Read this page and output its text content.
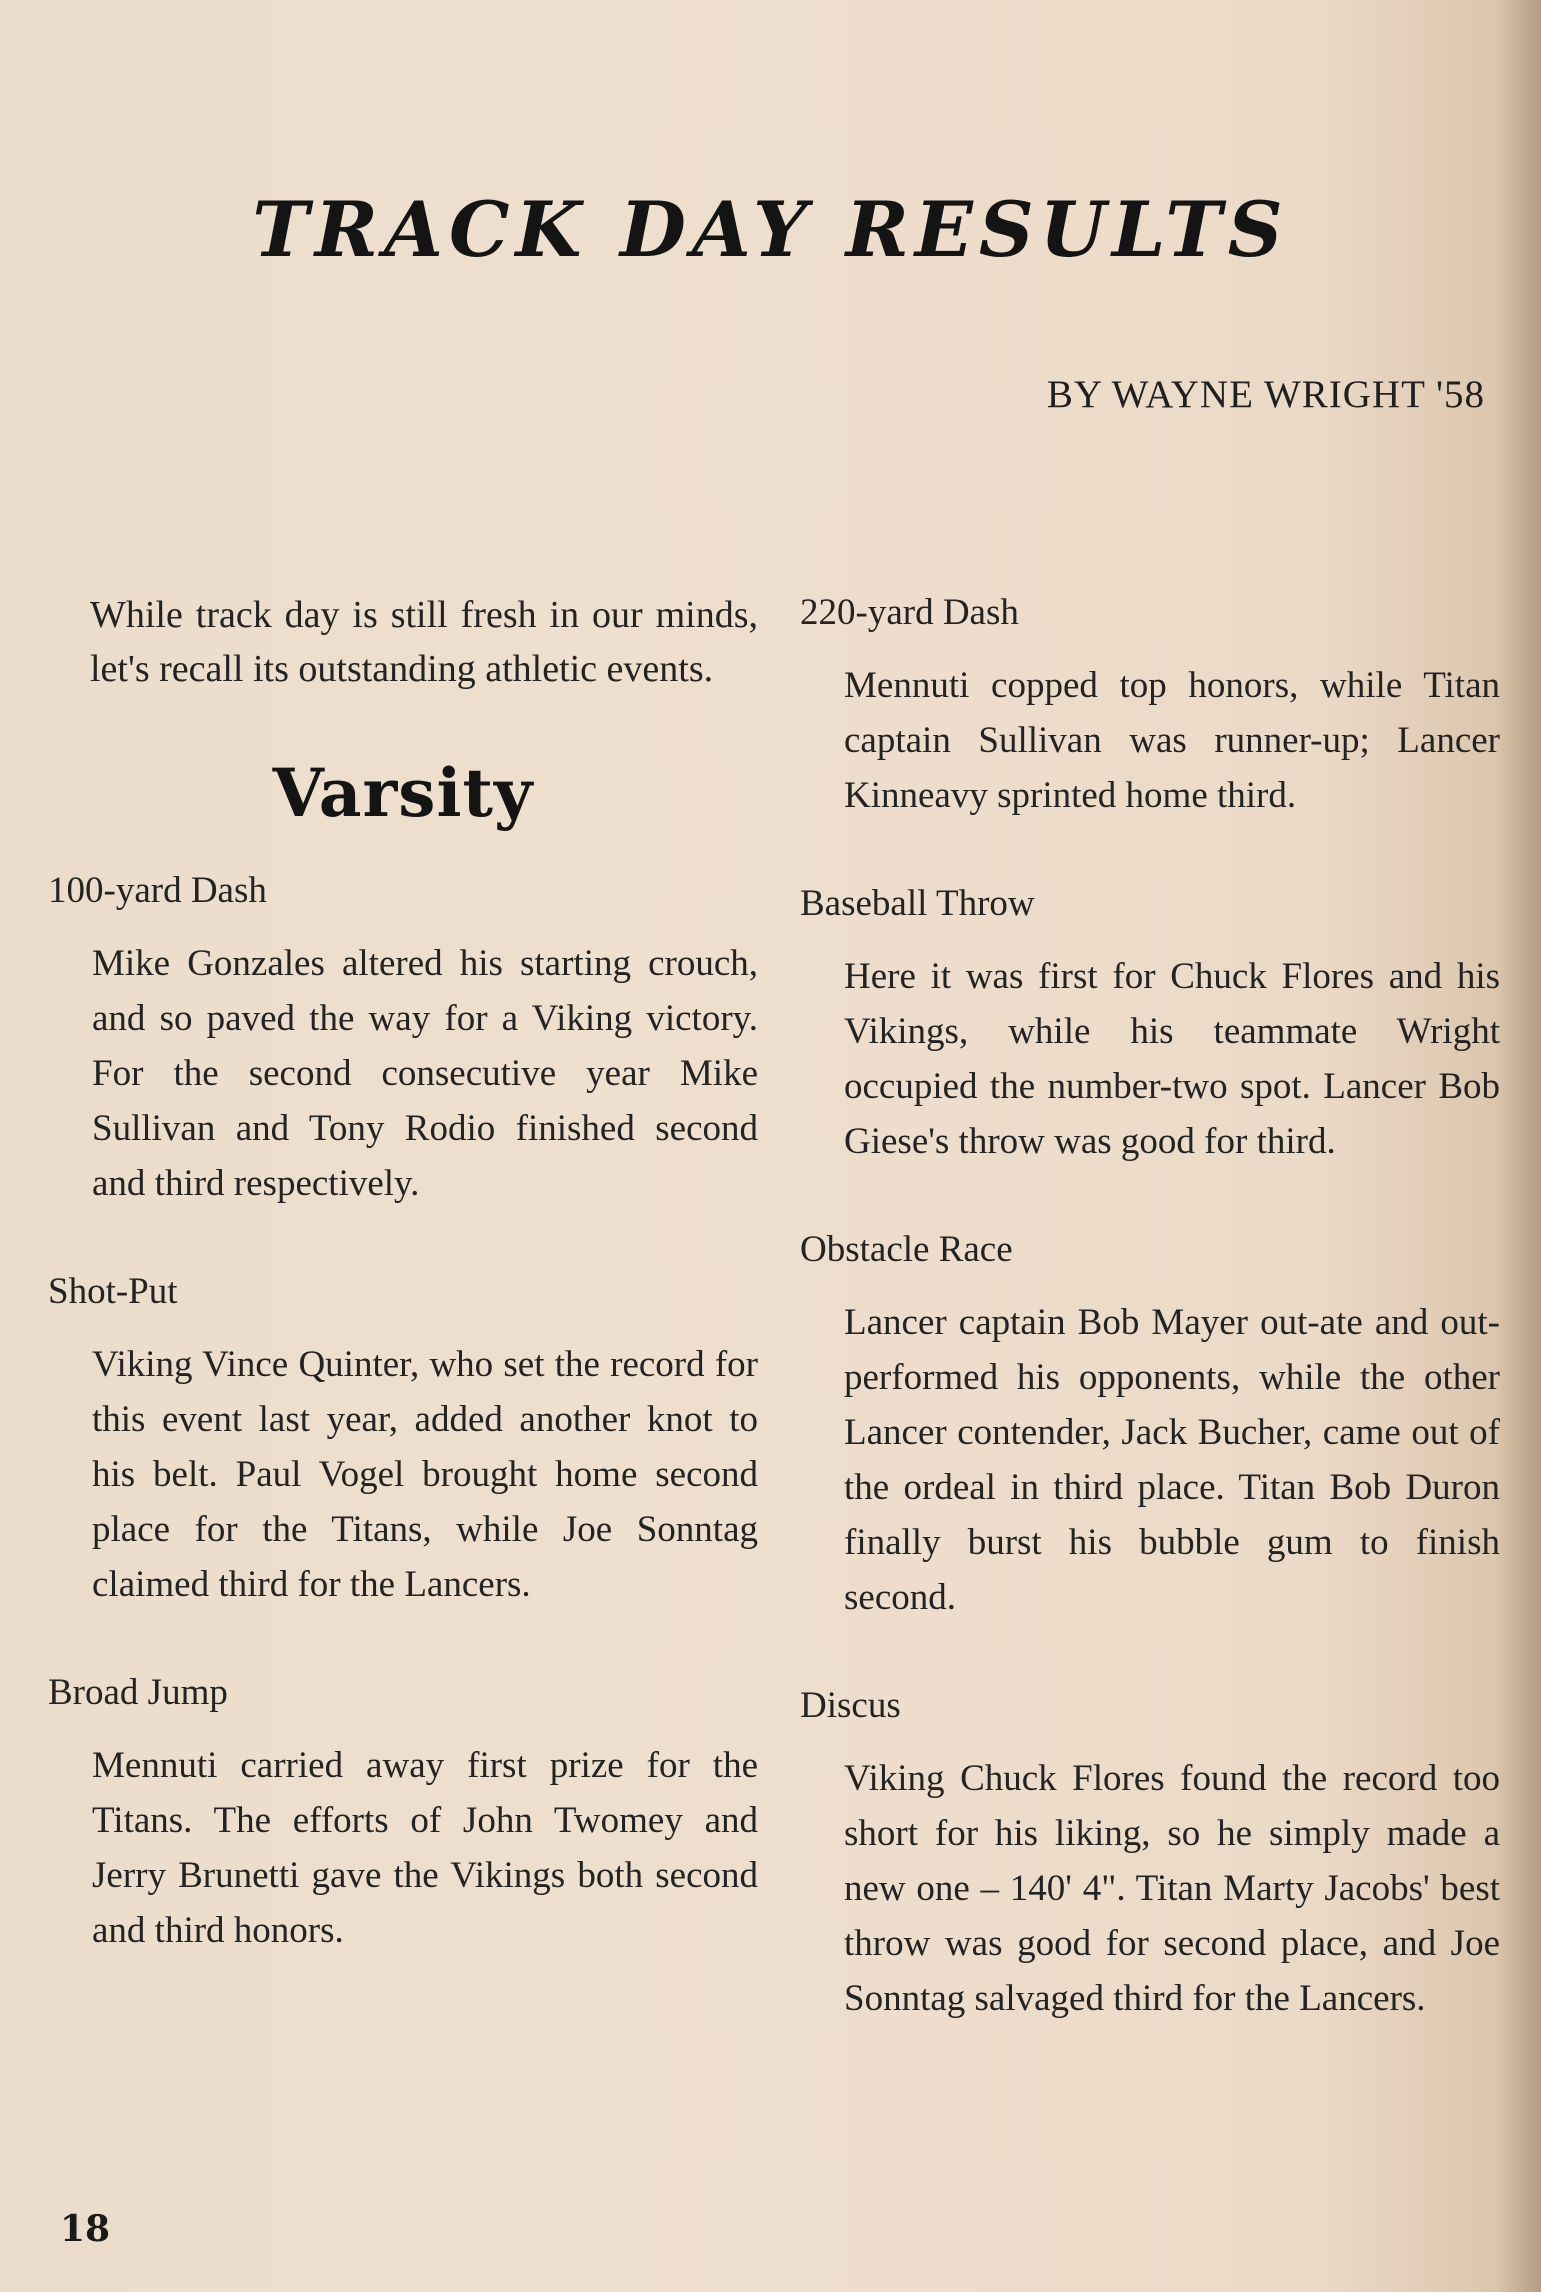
TRACK DAY RESULTS
BY WAYNE WRIGHT '58

While track day is still fresh in our minds, let's recall its outstanding athletic events.

Varsity
100-yard Dash

Mike Gonzales altered his starting crouch, and so paved the way for a Viking victory. For the second consecutive year Mike Sullivan and Tony Rodio finished second and third respectively.

Shot-Put

Viking Vince Quinter, who set the record for this event last year, added another knot to his belt. Paul Vogel brought home second place for the Titans, while Joe Sonntag claimed third for the Lancers.

Broad Jump

Mennuti carried away first prize for the Titans. The efforts of John Twomey and Jerry Brunetti gave the Vikings both second and third honors.

220-yard Dash

Mennuti copped top honors, while Titan captain Sullivan was runner-up; Lancer Kinneavy sprinted home third.

Baseball Throw

Here it was first for Chuck Flores and his Vikings, while his teammate Wright occupied the number-two spot. Lancer Bob Giese's throw was good for third.

Obstacle Race

Lancer captain Bob Mayer out-ate and out-performed his opponents, while the other Lancer contender, Jack Bucher, came out of the ordeal in third place. Titan Bob Duron finally burst his bubble gum to finish second.

Discus

Viking Chuck Flores found the record too short for his liking, so he simply made a new one – 140' 4". Titan Marty Jacobs' best throw was good for second place, and Joe Sonntag salvaged third for the Lancers.

18
